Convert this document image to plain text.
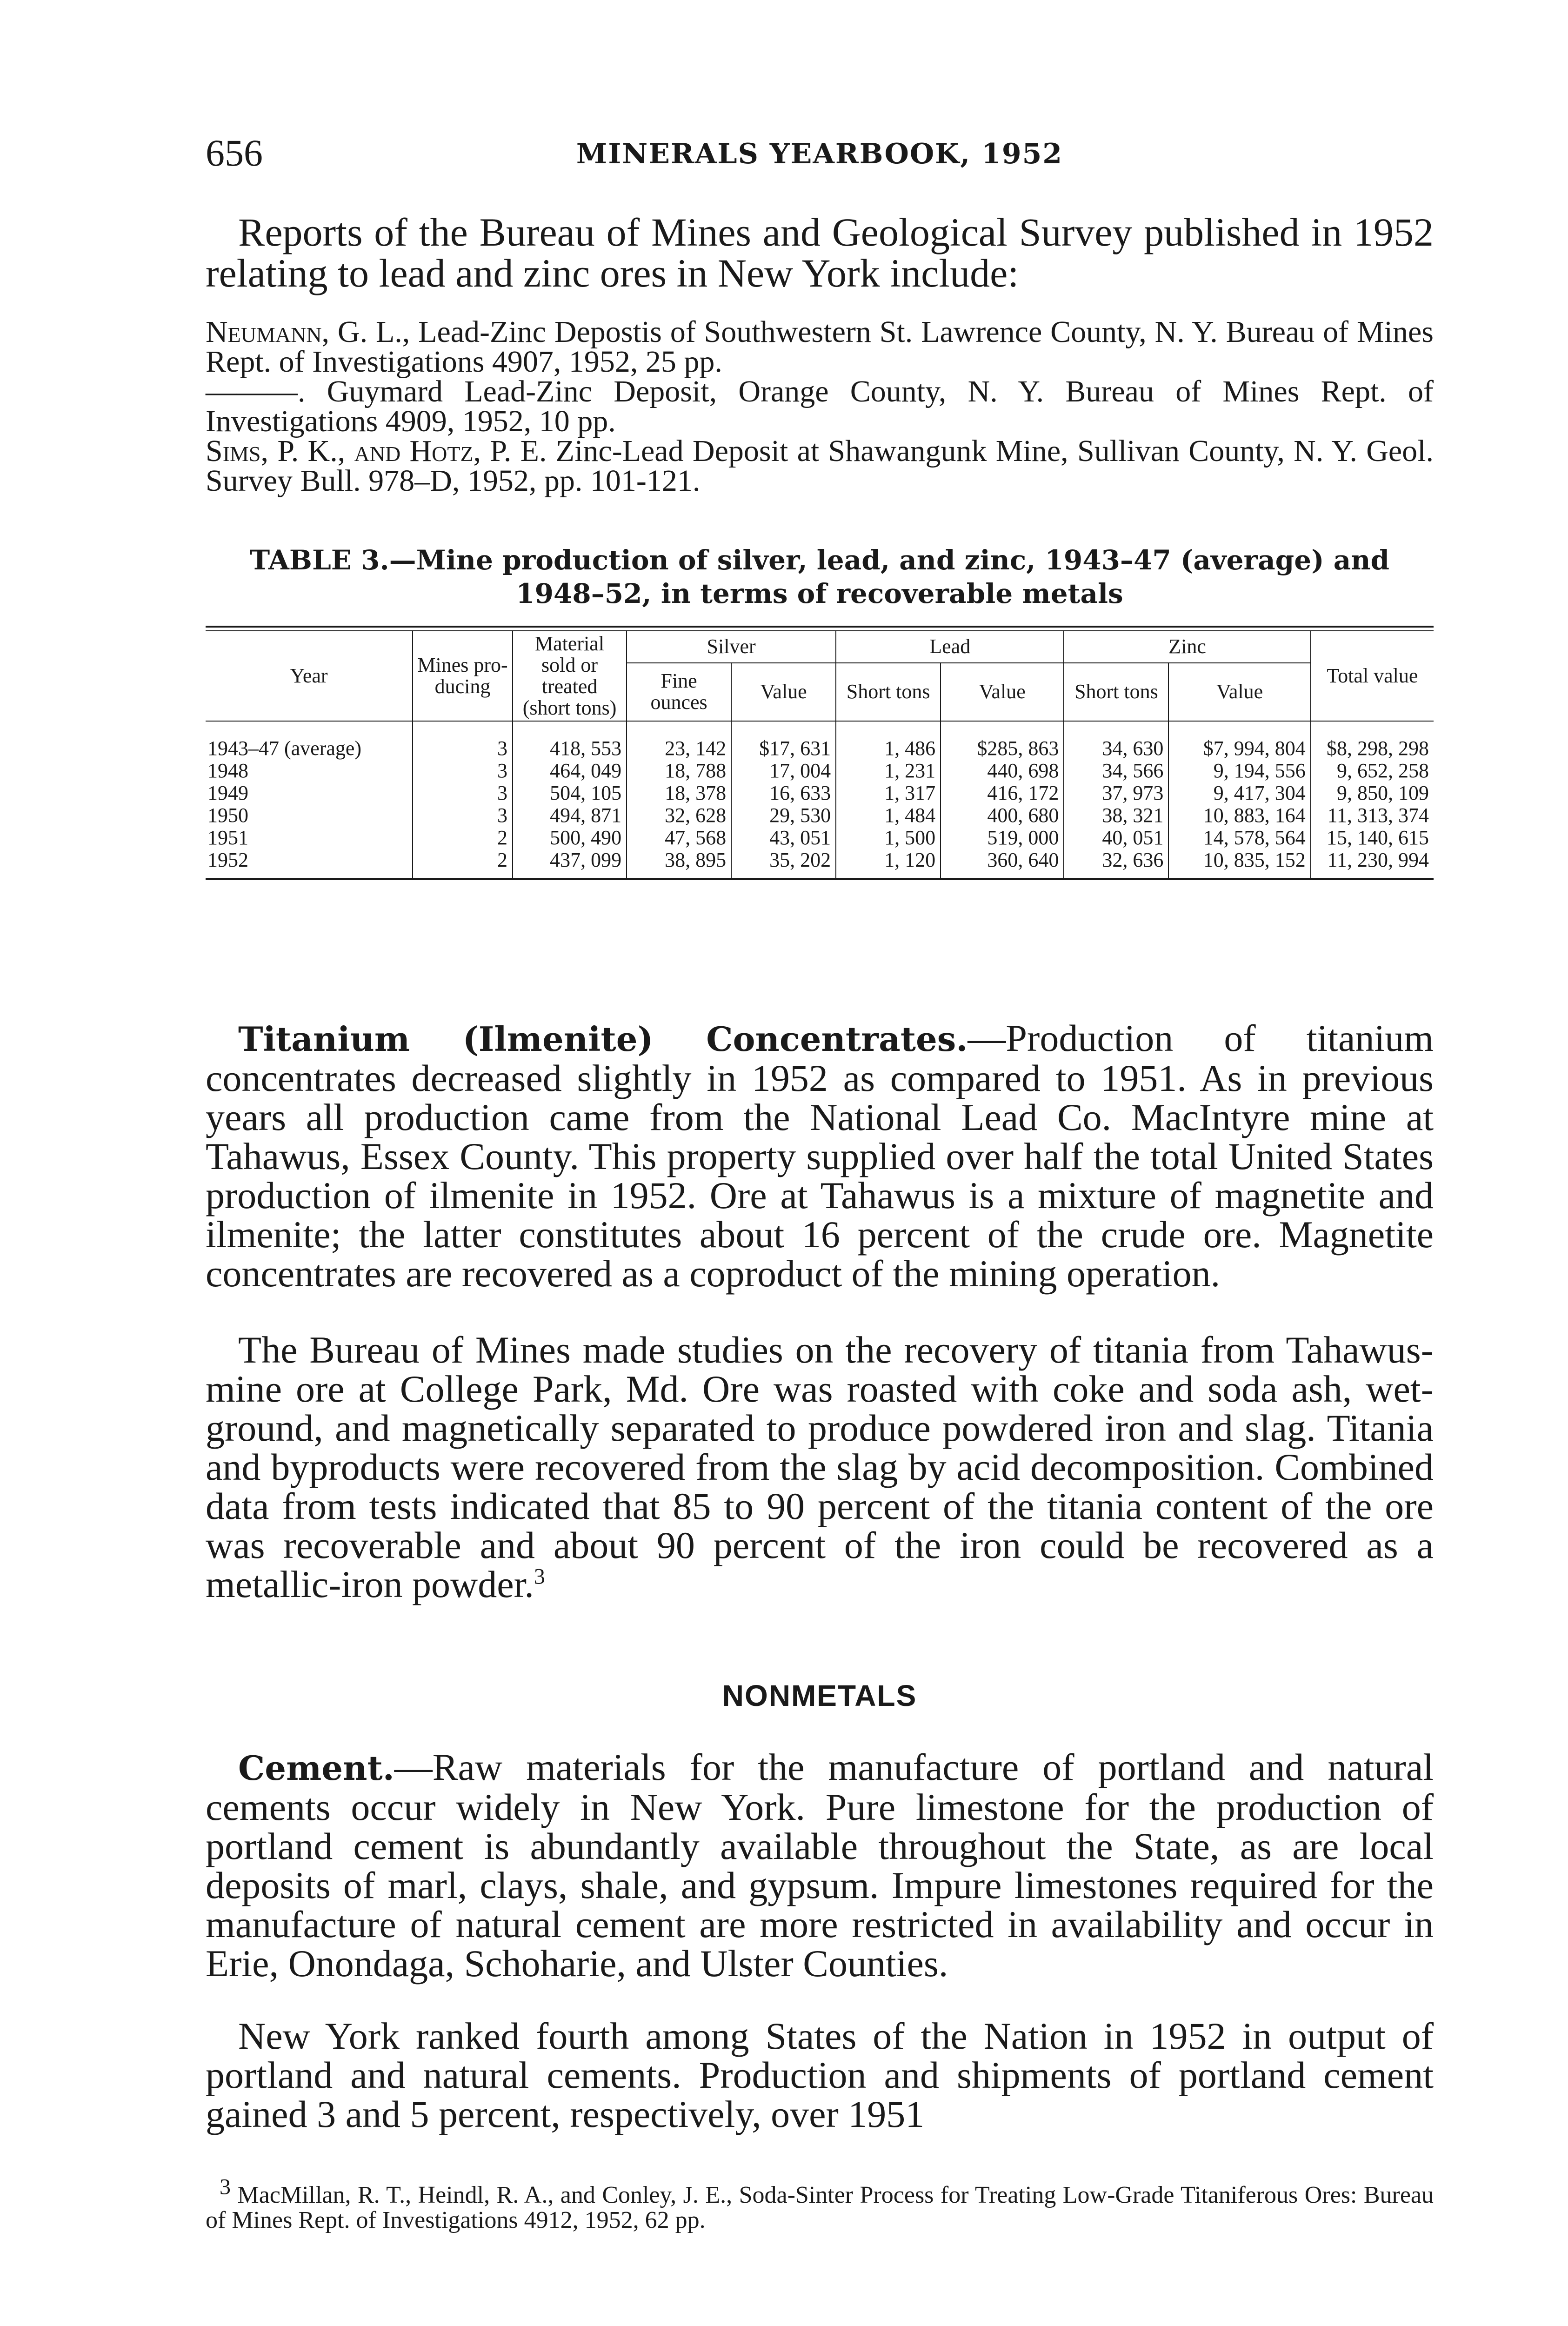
656	MINERALS YEARBOOK, 1952
Reports of the Bureau of Mines and Geological Survey published in 1952 relating to lead and zinc ores in New York include:

Neumann, G. L., Lead-Zinc Depostis of Southwestern St. Lawrence County, N. Y. Bureau of Mines Rept. of Investigations 4907, 1952, 25 pp.

———. Guymard Lead-Zinc Deposit, Orange County, N. Y. Bureau of Mines Rept. of Investigations 4909, 1952, 10 pp.

Sims, P. K., and Hotz, P. E. Zinc-Lead Deposit at Shawangunk Mine, Sullivan County, N. Y. Geol. Survey Bull. 978–D, 1952, pp. 101-121.

TABLE 3.—Mine production of silver, lead, and zinc, 1943–47 (average) and 1948–52, in terms of recoverable metals
Year	Mines pro- ducing	Material sold or treated (short tons)	Silver		Lead		Zinc		Total value
			Fine ounces	Value	Short tons	Value	Short tons	Value	
1943–47 (average)	3	418, 553	23, 142	$17, 631	1, 486	$285, 863	34, 630	$7, 994, 804	$8, 298, 298
1948	3	464, 049	18, 788	17, 004	1, 231	440, 698	34, 566	9, 194, 556	9, 652, 258
1949	3	504, 105	18, 378	16, 633	1, 317	416, 172	37, 973	9, 417, 304	9, 850, 109
1950	3	494, 871	32, 628	29, 530	1, 484	400, 680	38, 321	10, 883, 164	11, 313, 374
1951	2	500, 490	47, 568	43, 051	1, 500	519, 000	40, 051	14, 578, 564	15, 140, 615
1952	2	437, 099	38, 895	35, 202	1, 120	360, 640	32, 636	10, 835, 152	11, 230, 994
Titanium (Ilmenite) Concentrates.—Production of titanium concentrates decreased slightly in 1952 as compared to 1951. As in previous years all production came from the National Lead Co. MacIntyre mine at Tahawus, Essex County. This property supplied over half the total United States production of ilmenite in 1952. Ore at Tahawus is a mixture of magnetite and ilmenite; the latter constitutes about 16 percent of the crude ore. Magnetite concentrates are recovered as a coproduct of the mining operation.
The Bureau of Mines made studies on the recovery of titania from Tahawus-mine ore at College Park, Md. Ore was roasted with coke and soda ash, wet-ground, and magnetically separated to produce powdered iron and slag. Titania and byproducts were recovered from the slag by acid decomposition. Combined data from tests indicated that 85 to 90 percent of the titania content of the ore was recoverable and about 90 percent of the iron could be recovered as a metallic-iron powder.$^3$
NONMETALS
Cement.—Raw materials for the manufacture of portland and natural cements occur widely in New York. Pure limestone for the production of portland cement is abundantly available throughout the State, as are local deposits of marl, clays, shale, and gypsum. Impure limestones required for the manufacture of natural cement are more restricted in availability and occur in Erie, Onondaga, Schoharie, and Ulster Counties.
New York ranked fourth among States of the Nation in 1952 in output of portland and natural cements. Production and shipments of portland cement gained 3 and 5 percent, respectively, over 1951
$^3$ MacMillan, R. T., Heindl, R. A., and Conley, J. E., Soda-Sinter Process for Treating Low-Grade Titaniferous Ores: Bureau of Mines Rept. of Investigations 4912, 1952, 62 pp.
